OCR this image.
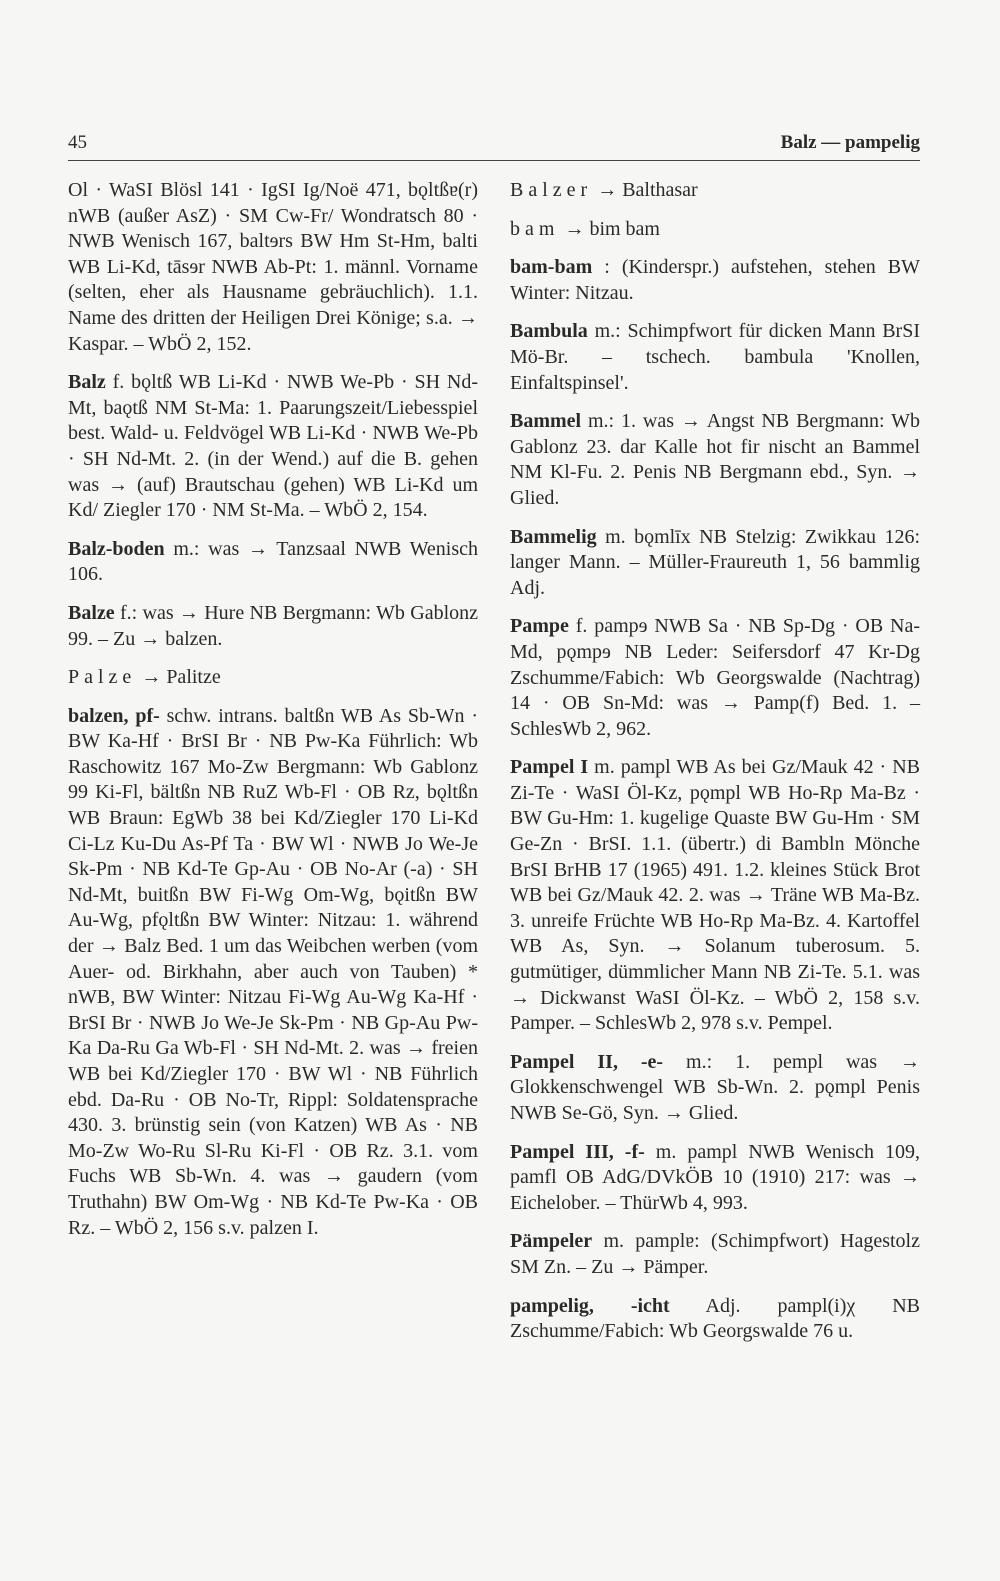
45	Balz — pampelig

Ol · WaSI Blösl 141 · IgSI Ig/Noë 471, bǫltßɐ(r) nWB (außer AsZ) · SM Cw-Fr/ Wondratsch 80 · NWB Wenisch 167, baltɘrs BW Hm St-Hm, balti WB Li-Kd, tāsɘr NWB Ab-Pt: 1. männl. Vorname (selten, eher als Hausname gebräuchlich). 1.1. Name des dritten der Heiligen Drei Könige; s.a. → Kaspar. – WbÖ 2, 152.

Balz f. bǫltß WB Li-Kd · NWB We-Pb · SH Nd-Mt, baǫtß NM St-Ma: 1. Paarungszeit/Liebesspiel best. Wald- u. Feldvögel WB Li-Kd · NWB We-Pb · SH Nd-Mt. 2. (in der Wend.) auf die B. gehen was → (auf) Brautschau (gehen) WB Li-Kd um Kd/ Ziegler 170 · NM St-Ma. – WbÖ 2, 154.

Balz-boden m.: was → Tanzsaal NWB Wenisch 106.

Balze f.: was → Hure NB Bergmann: Wb Gablonz 99. – Zu → balzen.

Palze → Palitze

balzen, pf- schw. intrans. baltßn WB As Sb-Wn · BW Ka-Hf · BrSI Br · NB Pw-Ka Führlich: Wb Raschowitz 167 Mo-Zw Bergmann: Wb Gablonz 99 Ki-Fl, bältßn NB RuZ Wb-Fl · OB Rz, bǫltßn WB Braun: EgWb 38 bei Kd/Ziegler 170 Li-Kd Ci-Lz Ku-Du As-Pf Ta · BW Wl · NWB Jo We-Je Sk-Pm · NB Kd-Te Gp-Au · OB No-Ar (-a) · SH Nd-Mt, buitßn BW Fi-Wg Om-Wg, bǫitßn BW Au-Wg, pfǫltßn BW Winter: Nitzau: 1. während der → Balz Bed. 1 um das Weibchen werben (vom Auer- od. Birkhahn, aber auch von Tauben) * nWB, BW Winter: Nitzau Fi-Wg Au-Wg Ka-Hf · BrSI Br · NWB Jo We-Je Sk-Pm · NB Gp-Au Pw-Ka Da-Ru Ga Wb-Fl · SH Nd-Mt. 2. was → freien WB bei Kd/Ziegler 170 · BW Wl · NB Führlich ebd. Da-Ru · OB No-Tr, Rippl: Soldatensprache 430. 3. brünstig sein (von Katzen) WB As · NB Mo-Zw Wo-Ru Sl-Ru Ki-Fl · OB Rz. 3.1. vom Fuchs WB Sb-Wn. 4. was → gaudern (vom Truthahn) BW Om-Wg · NB Kd-Te Pw-Ka · OB Rz. – WbÖ 2, 156 s.v. palzen I.

Balzer → Balthasar

bam → bim bam

bam-bam : (Kinderspr.) aufstehen, stehen BW Winter: Nitzau.

Bambula m.: Schimpfwort für dicken Mann BrSI Mö-Br. – tschech. bambula 'Knollen, Einfaltspinsel'.

Bammel m.: 1. was → Angst NB Bergmann: Wb Gablonz 23. dar Kalle hot fir nischt an Bammel NM Kl-Fu. 2. Penis NB Bergmann ebd., Syn. → Glied.

Bammelig m. bǫmlīx NB Stelzig: Zwikkau 126: langer Mann. – Müller-Fraureuth 1, 56 bammlig Adj.

Pampe f. pampɘ NWB Sa · NB Sp-Dg · OB Na-Md, pǫmpɘ NB Leder: Seifersdorf 47 Kr-Dg Zschumme/Fabich: Wb Georgswalde (Nachtrag) 14 · OB Sn-Md: was → Pamp(f) Bed. 1. – SchlesWb 2, 962.

Pampel I m. pampl WB As bei Gz/Mauk 42 · NB Zi-Te · WaSI Öl-Kz, pǫmpl WB Ho-Rp Ma-Bz · BW Gu-Hm: 1. kugelige Quaste BW Gu-Hm · SM Ge-Zn · BrSI. 1.1. (übertr.) di Bambln Mönche BrSI BrHB 17 (1965) 491. 1.2. kleines Stück Brot WB bei Gz/Mauk 42. 2. was → Träne WB Ma-Bz. 3. unreife Früchte WB Ho-Rp Ma-Bz. 4. Kartoffel WB As, Syn. → Solanum tuberosum. 5. gutmütiger, dümmlicher Mann NB Zi-Te. 5.1. was → Dickwanst WaSI Öl-Kz. – WbÖ 2, 158 s.v. Pamper. – SchlesWb 2, 978 s.v. Pempel.

Pampel II, -e- m.: 1. pempl was → Glokkenschwengel WB Sb-Wn. 2. pǫmpl Penis NWB Se-Gö, Syn. → Glied.

Pampel III, -f- m. pampl NWB Wenisch 109, pamfl OB AdG/DVkÖB 10 (1910) 217: was → Eichelober. – ThürWb 4, 993.

Pämpeler m. pamplɐ: (Schimpfwort) Hagestolz SM Zn. – Zu → Pämper.

pampelig, -icht Adj. pampl(i)χ NB Zschumme/Fabich: Wb Georgswalde 76 u.
